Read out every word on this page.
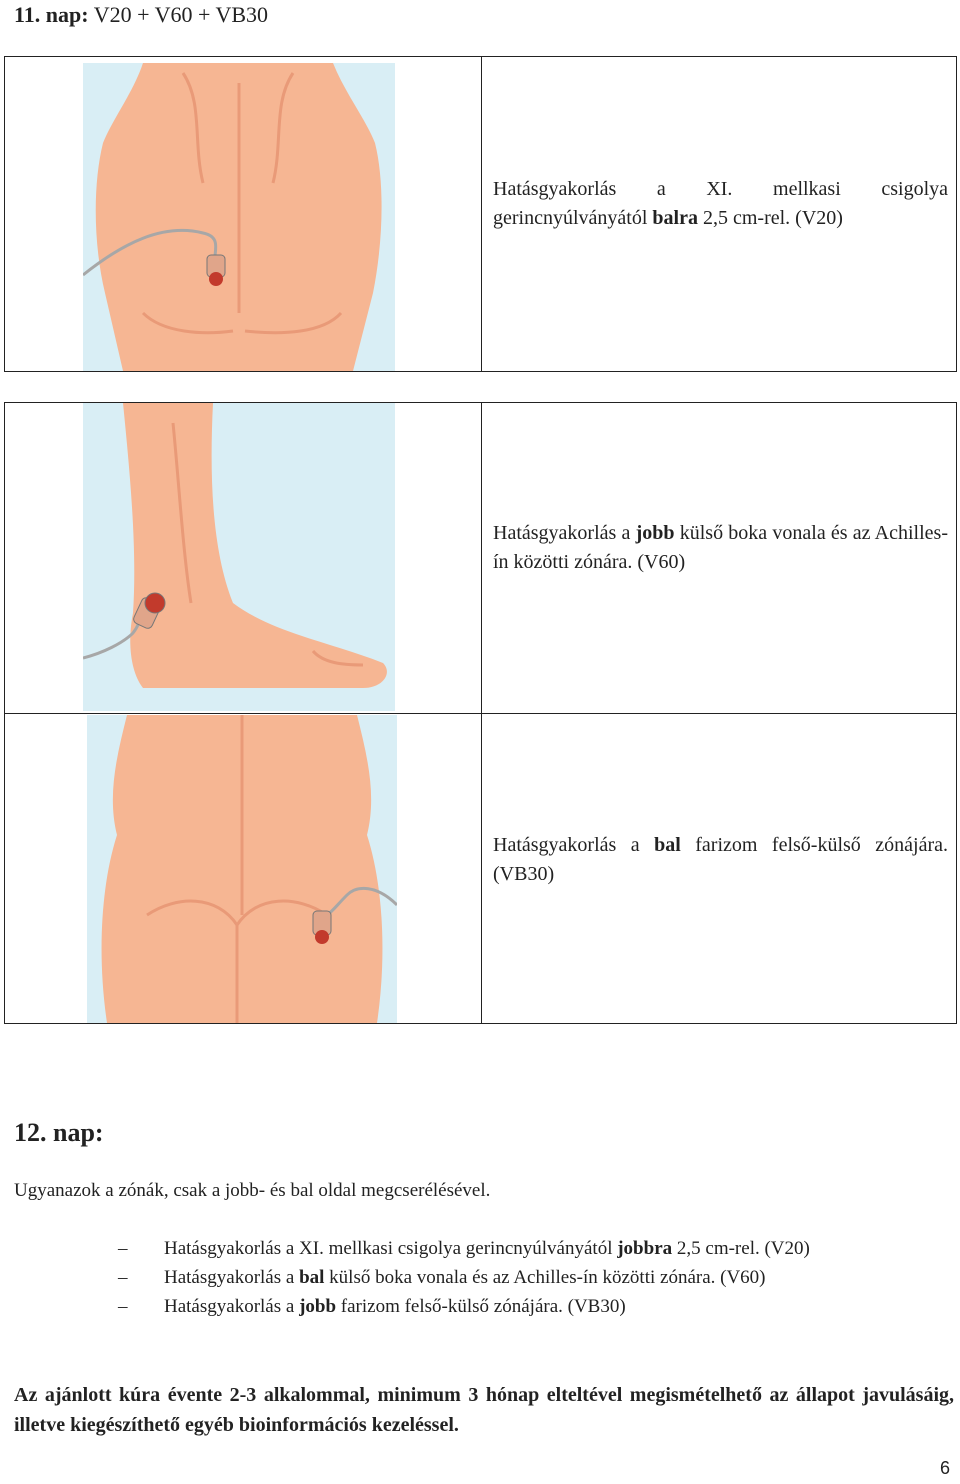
11. nap: V20 + V60 + VB30
Hatásgyakorlás a XI. mellkasi csigolya gerincnyúlványától balra 2,5 cm-rel. (V20)
Hatásgyakorlás a jobb külső boka vonala és az Achilles-ín közötti zónára. (V60)
Hatásgyakorlás a bal farizom felső-külső zónájára. (VB30)
12. nap:
Ugyanazok a zónák, csak a jobb- és bal oldal megcserélésével.
– Hatásgyakorlás a XI. mellkasi csigolya gerincnyúlványától jobbra 2,5 cm-rel. (V20)
– Hatásgyakorlás a bal külső boka vonala és az Achilles-ín közötti zónára. (V60)
– Hatásgyakorlás a jobb farizom felső-külső zónájára. (VB30)
Az ajánlott kúra évente 2-3 alkalommal, minimum 3 hónap elteltével megismételhető az állapot javulásáig, illetve kiegészíthető egyéb bioinformációs kezeléssel.
6
